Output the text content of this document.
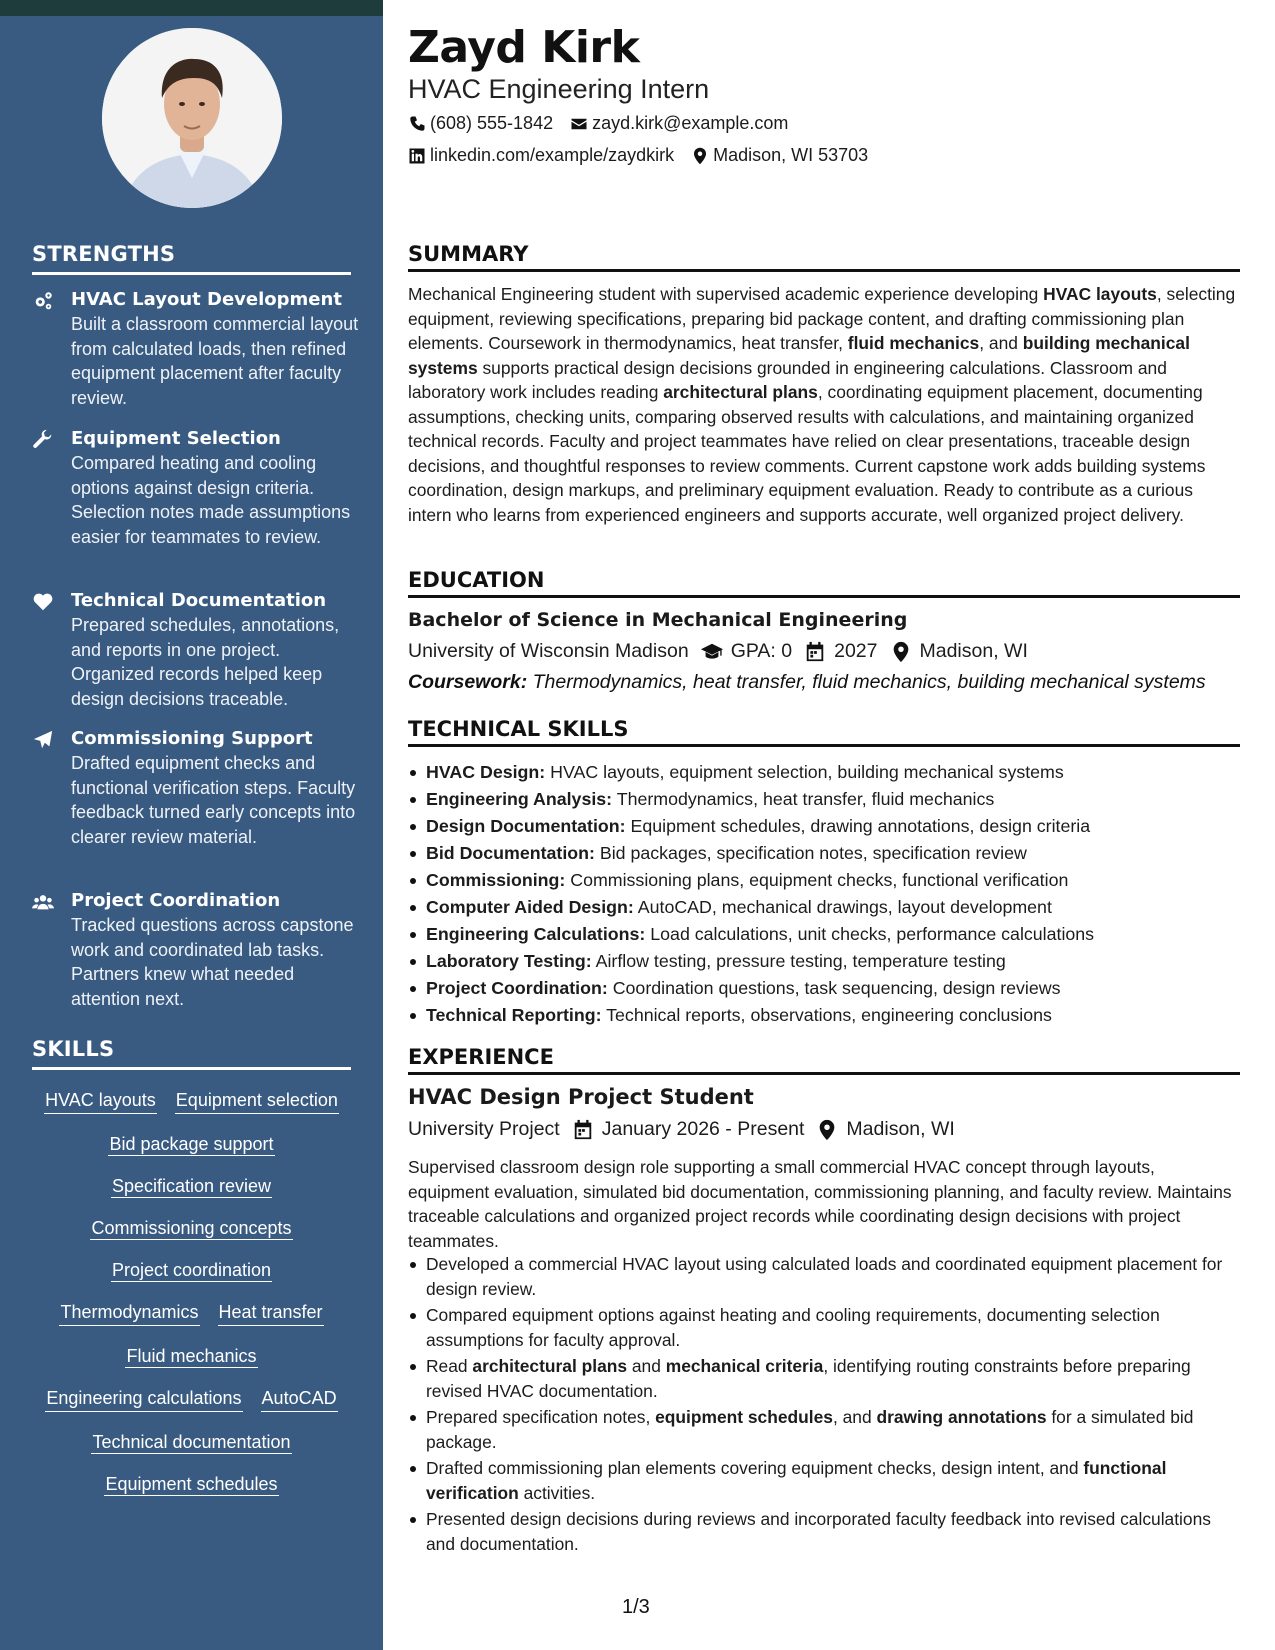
STRENGTHS
HVAC Layout Development
Built a classroom commercial layout from calculated loads, then refined equipment placement after faculty review.
Equipment Selection
Compared heating and cooling options against design criteria. Selection notes made assumptions easier for teammates to review.
Technical Documentation
Prepared schedules, annotations, and reports in one project. Organized records helped keep design decisions traceable.
Commissioning Support
Drafted equipment checks and functional verification steps. Faculty feedback turned early concepts into clearer review material.
Project Coordination
Tracked questions across capstone work and coordinated lab tasks. Partners knew what needed attention next.
SKILLS
HVAC layouts Equipment selection
Bid package support
Specification review
Commissioning concepts
Project coordination
Thermodynamics Heat transfer
Fluid mechanics
Engineering calculations AutoCAD
Technical documentation
Equipment schedules
Zayd Kirk
HVAC Engineering Intern
(608) 555-1842 zayd.kirk@example.com
linkedin.com/example/zaydkirk Madison, WI 53703
SUMMARY

Mechanical Engineering student with supervised academic experience developing HVAC layouts, selecting equipment, reviewing specifications, preparing bid package content, and drafting commissioning plan elements. Coursework in thermodynamics, heat transfer, fluid mechanics, and building mechanical systems supports practical design decisions grounded in engineering calculations. Classroom and laboratory work includes reading architectural plans, coordinating equipment placement, documenting assumptions, checking units, comparing observed results with calculations, and maintaining organized technical records. Faculty and project teammates have relied on clear presentations, traceable design decisions, and thoughtful responses to review comments. Current capstone work adds building systems coordination, design markups, and preliminary equipment evaluation. Ready to contribute as a curious intern who learns from experienced engineers and supports accurate, well organized project delivery.

EDUCATION
Bachelor of Science in Mechanical Engineering
University of Wisconsin Madison GPA: 0 2027 Madison, WI
Coursework: Thermodynamics, heat transfer, fluid mechanics, building mechanical systems
TECHNICAL SKILLS
HVAC Design: HVAC layouts, equipment selection, building mechanical systems
Engineering Analysis: Thermodynamics, heat transfer, fluid mechanics
Design Documentation: Equipment schedules, drawing annotations, design criteria
Bid Documentation: Bid packages, specification notes, specification review
Commissioning: Commissioning plans, equipment checks, functional verification
Computer Aided Design: AutoCAD, mechanical drawings, layout development
Engineering Calculations: Load calculations, unit checks, performance calculations
Laboratory Testing: Airflow testing, pressure testing, temperature testing
Project Coordination: Coordination questions, task sequencing, design reviews
Technical Reporting: Technical reports, observations, engineering conclusions
EXPERIENCE
HVAC Design Project Student
University Project January 2026 - Present Madison, WI

Supervised classroom design role supporting a small commercial HVAC concept through layouts, equipment evaluation, simulated bid documentation, commissioning planning, and faculty review. Maintains traceable calculations and organized project records while coordinating design decisions with project teammates.

Developed a commercial HVAC layout using calculated loads and coordinated equipment placement for design review.
Compared equipment options against heating and cooling requirements, documenting selection assumptions for faculty approval.
Read architectural plans and mechanical criteria, identifying routing constraints before preparing revised HVAC documentation.
Prepared specification notes, equipment schedules, and drawing annotations for a simulated bid package.
Drafted commissioning plan elements covering equipment checks, design intent, and functional verification activities.
Presented design decisions during reviews and incorporated faculty feedback into revised calculations and documentation.
1/3
